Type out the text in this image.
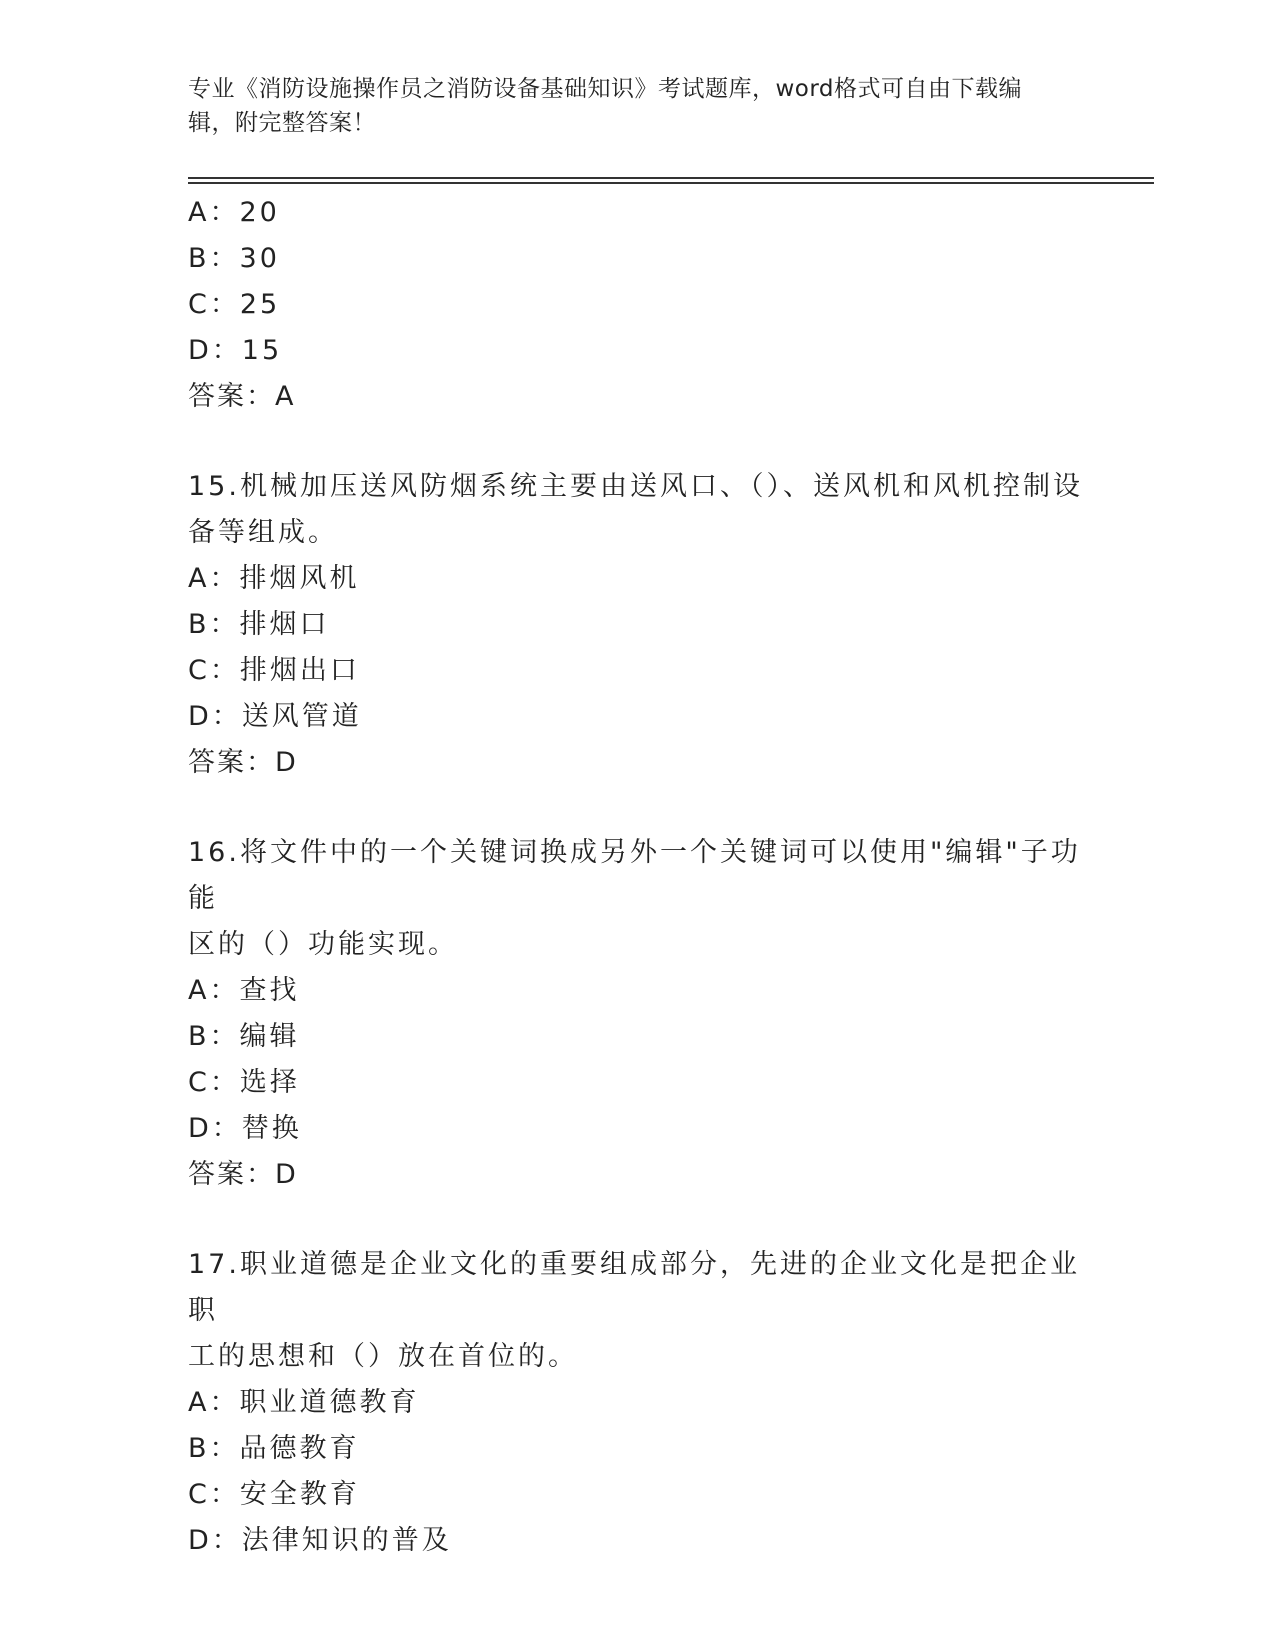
专业《消防设施操作员之消防设备基础知识》考试题库，word格式可自由下载编
辑，附完整答案！
A：20
B：30
C：25
D：15
答案：A
15.机械加压送风防烟系统主要由送风口、（）、送风机和风机控制设
备等组成。
A：排烟风机
B：排烟口
C：排烟出口
D：送风管道
答案：D
16.将文件中的一个关键词换成另外一个关键词可以使用"编辑"子功能
区的（）功能实现。
A：查找
B：编辑
C：选择
D：替换
答案：D
17.职业道德是企业文化的重要组成部分，先进的企业文化是把企业职
工的思想和（）放在首位的。
A：职业道德教育
B：品德教育
C：安全教育
D：法律知识的普及
